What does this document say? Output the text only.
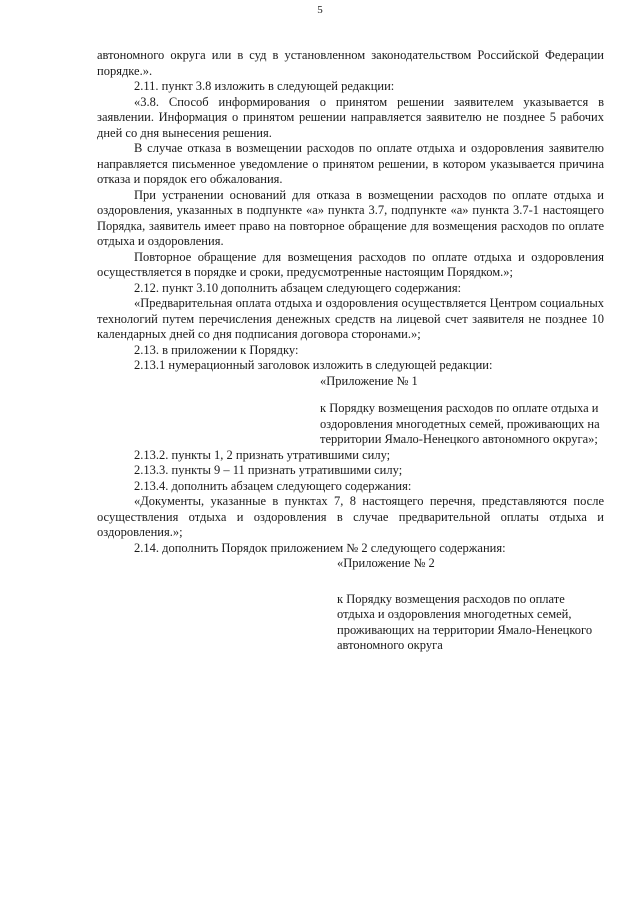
5

автономного округа или в суд в установленном законодательством Российской Федерации порядке.».

2.11. пункт 3.8 изложить в следующей редакции:

«3.8. Способ информирования о принятом решении заявителем указывается в заявлении. Информация о принятом решении направляется заявителю не позднее 5 рабочих дней со дня вынесения решения.

В случае отказа в возмещении расходов по оплате отдыха и оздоровления заявителю направляется письменное уведомление о принятом решении, в котором указывается причина отказа и порядок его обжалования.

При устранении оснований для отказа в возмещении расходов по оплате отдыха и оздоровления, указанных в подпункте «а» пункта 3.7, подпункте «а» пункта 3.7-1 настоящего Порядка, заявитель имеет право на повторное обращение для возмещения расходов по оплате отдыха и оздоровления.

Повторное обращение для возмещения расходов по оплате отдыха и оздоровления осуществляется в порядке и сроки, предусмотренные настоящим Порядком.»;

2.12. пункт 3.10 дополнить абзацем следующего содержания:

«Предварительная оплата отдыха и оздоровления осуществляется Центром социальных технологий путем перечисления денежных средств на лицевой счет заявителя не позднее 10 календарных дней со дня подписания договора сторонами.»;

2.13. в приложении к Порядку:

2.13.1 нумерационный заголовок изложить в следующей редакции:

«Приложение № 1

к Порядку возмещения расходов по оплате отдыха и оздоровления многодетных семей, проживающих на территории Ямало-Ненецкого автономного округа»;

2.13.2. пункты 1, 2 признать утратившими силу;

2.13.3. пункты 9 – 11 признать утратившими силу;

2.13.4. дополнить абзацем следующего содержания:

«Документы, указанные в пунктах 7, 8 настоящего перечня, представляются после осуществления отдыха и оздоровления в случае предварительной оплаты отдыха и оздоровления.»;

2.14. дополнить Порядок приложением № 2 следующего содержания:

«Приложение № 2

к Порядку возмещения расходов по оплате отдыха и оздоровления многодетных семей, проживающих на территории Ямало-Ненецкого автономного округа
